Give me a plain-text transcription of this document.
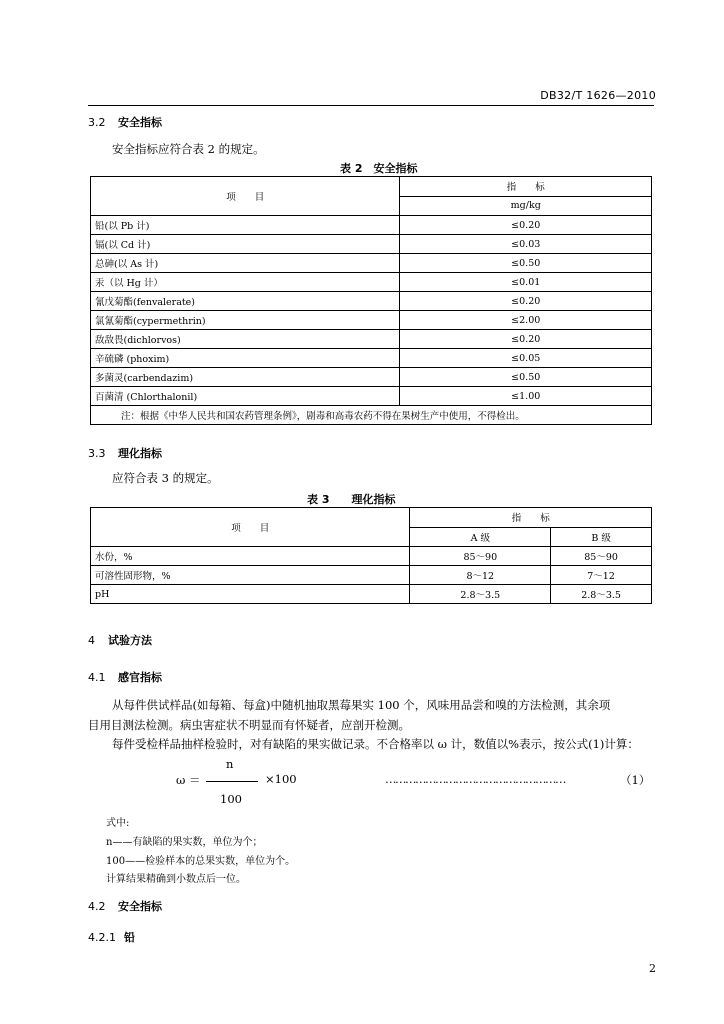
DB32/T 1626—2010
3.2 安全指标
安全指标应符合表 2 的规定。
表 2　安全指标
项　　目	指　　标
	mg/kg
铅(以 Pb 计)	≤0.20
镉(以 Cd 计)	≤0.03
总砷(以 As 计)	≤0.50
汞（以 Hg 计）	≤0.01
氰戊菊酯(fenvalerate)	≤0.20
氯氰菊酯(cypermethrin)	≤2.00
敌敌畏(dichlorvos)	≤0.20
辛硫磷 (phoxim)	≤0.05
多菌灵(carbendazim)	≤0.50
百菌清 (Chlorthalonil)	≤1.00
注：根据《中华人民共和国农药管理条例》，剧毒和高毒农药不得在果树生产中使用，不得检出。	
3.3 理化指标
应符合表 3 的规定。
表 3　　理化指标
项　　目	指　　标	
	A 级	B 级
水份，%	85～90	85～90
可溶性固形物，%	8～12	7～12
pH	2.8～3.5	2.8～3.5
4 试验方法
4.1 感官指标
从每件供试样品(如每箱、每盒)中随机抽取黑莓果实 100 个，风味用品尝和嗅的方法检测，其余项
目用目测法检测。病虫害症状不明显而有怀疑者，应剖开检测。
每件受检样品抽样检验时，对有缺陷的果实做记录。不合格率以 ω 计，数值以%表示，按公式(1)计算：
n
ω ＝	×100
100
………………………………………………	（1）
式中:
n——有缺陷的果实数，单位为个；
100——检验样本的总果实数，单位为个。
计算结果精确到小数点后一位。
4.2 安全指标
4.2.1 铅
2
